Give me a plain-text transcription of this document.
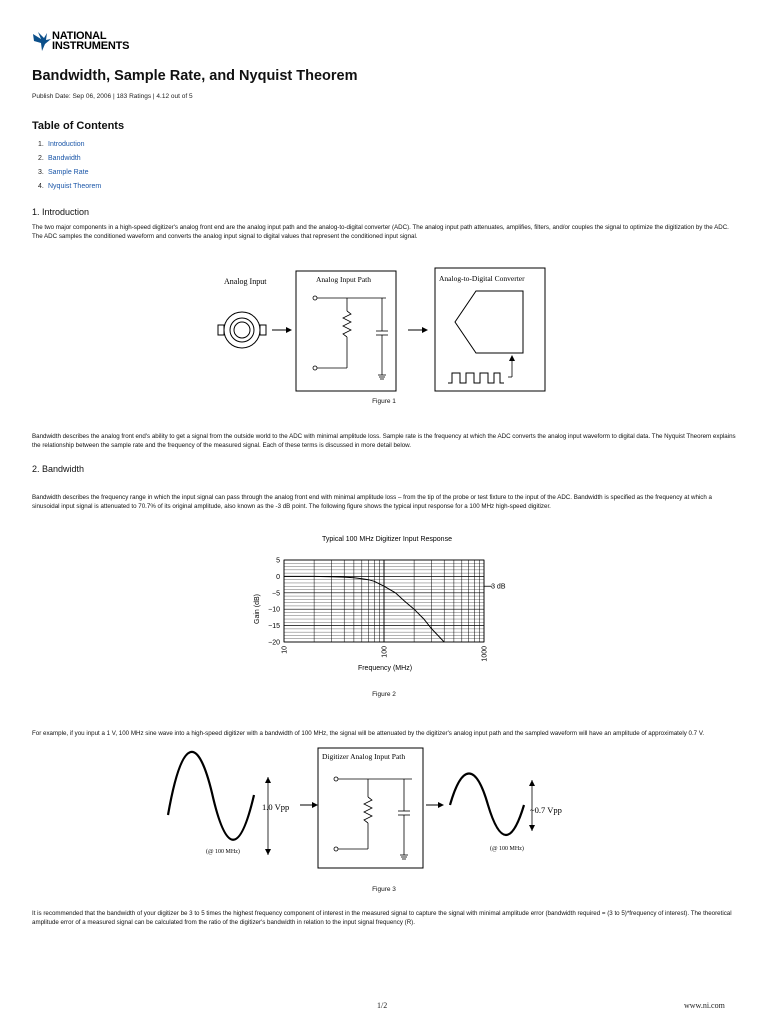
NATIONAL
INSTRUMENTS
Bandwidth, Sample Rate, and Nyquist Theorem
Publish Date: Sep 06, 2006 | 183 Ratings | 4.12 out of 5
Table of Contents
1. Introduction
2. Bandwidth
3. Sample Rate
4. Nyquist Theorem
1. Introduction
The two major components in a high-speed digitizer's analog front end are the analog input path and the analog-to-digital converter (ADC). The analog input path attenuates, amplifies, filters, and/or couples the signal to optimize the digitization by the ADC. The ADC samples the conditioned waveform and converts the analog input signal to digital values that represent the conditioned input signal.
Analog Input	Analog Input Path	Analog-to-Digital Converter
Figure 1
Bandwidth describes the analog front end's ability to get a signal from the outside world to the ADC with minimal amplitude loss. Sample rate is the frequency at which the ADC converts the analog input waveform to digital data. The Nyquist Theorem explains the relationship between the sample rate and the frequency of the measured signal. Each of these terms is discussed in more detail below.
2. Bandwidth
Bandwidth describes the frequency range in which the input signal can pass through the analog front end with minimal amplitude loss – from the tip of the probe or test fixture to the input of the ADC. Bandwidth is specified as the frequency at which a sinusoidal input signal is attenuated to 70.7% of its original amplitude, also known as the -3 dB point. The following figure shows the typical input response for a 100 MHz high-speed digitizer.
Typical 100 MHz Digitizer Input Response
5
0
−5
−10
−15
−20
10	100	1000
−3 dB
Frequency (MHz)
Gain (dB)
Figure 2
For example, if you input a 1 V, 100 MHz sine wave into a high-speed digitizer with a bandwidth of 100 MHz, the signal will be attenuated by the digitizer's analog input path and the sampled waveform will have an amplitude of approximately 0.7 V.
1.0 Vpp
(@ 100 MHz)
Digitizer Analog Input Path
~0.7 Vpp
(@ 100 MHz)
Figure 3
It is recommended that the bandwidth of your digitizer be 3 to 5 times the highest frequency component of interest in the measured signal to capture the signal with minimal amplitude error (bandwidth required = (3 to 5)*frequency of interest). The theoretical amplitude error of a measured signal can be calculated from the ratio of the digitizer's bandwidth in relation to the input signal frequency (R).
1/2	www.ni.com
